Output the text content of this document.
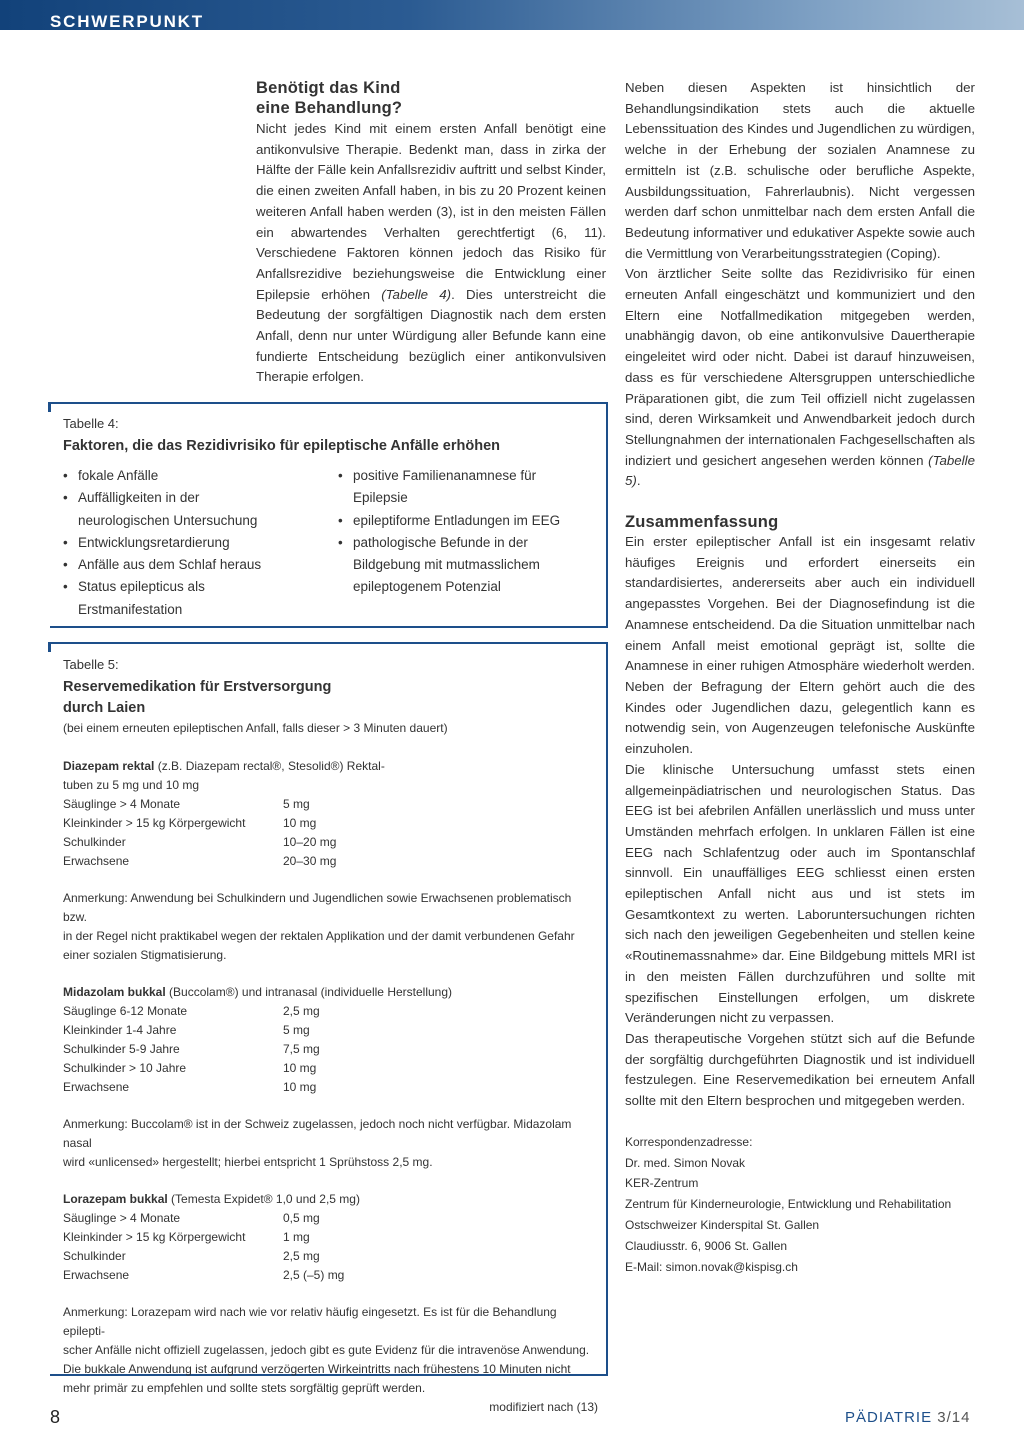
SCHWERPUNKT
Benötigt das Kind
eine Behandlung?

Nicht jedes Kind mit einem ersten Anfall benötigt eine antikonvulsive Therapie. Bedenkt man, dass in zirka der Hälfte der Fälle kein Anfallsrezidiv auftritt und selbst Kinder, die einen zweiten Anfall haben, in bis zu 20 Prozent keinen weiteren Anfall haben werden (3), ist in den meisten Fällen ein abwartendes Verhalten gerechtfertigt (6, 11). Verschiedene Faktoren können jedoch das Risiko für Anfallsrezidive beziehungsweise die Entwicklung einer Epilepsie erhöhen (Tabelle 4). Dies unterstreicht die Bedeutung der sorgfältigen Diagnostik nach dem ersten Anfall, denn nur unter Würdigung aller Befunde kann eine fundierte Entscheidung bezüglich einer antikonvulsiven Therapie erfolgen.

Tabelle 4:
Faktoren, die das Rezidivrisiko für epileptische Anfälle erhöhen
• fokale Anfälle
• Auffälligkeiten in der neurologischen Untersuchung
• Entwicklungsretardierung
• Anfälle aus dem Schlaf heraus
• Status epilepticus als Erstmanifestation
• positive Familienanamnese für Epilepsie
• epileptiforme Entladungen im EEG
• pathologische Befunde in der Bildgebung mit mutmasslichem epileptogenem Potenzial
Tabelle 5:
Reservemedikation für Erstversorgung
durch Laien
(bei einem erneuten epileptischen Anfall, falls dieser > 3 Minuten dauert)
Diazepam rektal (z.B. Diazepam rectal®, Stesolid®) Rektal-
tuben zu 5 mg und 10 mg
Säuglinge > 4 Monate	5 mg
Kleinkinder > 15 kg Körpergewicht	10 mg
Schulkinder	10–20 mg
Erwachsene	20–30 mg
Anmerkung: Anwendung bei Schulkindern und Jugendlichen sowie Erwachsenen problematisch bzw.
in der Regel nicht praktikabel wegen der rektalen Applikation und der damit verbundenen Gefahr
einer sozialen Stigmatisierung.
Midazolam bukkal (Buccolam®) und intranasal (individuelle Herstellung)
Säuglinge 6-12 Monate	2,5 mg
Kleinkinder 1-4 Jahre	5 mg
Schulkinder 5-9 Jahre	7,5 mg
Schulkinder > 10 Jahre	10 mg
Erwachsene	10 mg
Anmerkung: Buccolam® ist in der Schweiz zugelassen, jedoch noch nicht verfügbar. Midazolam nasal
wird «unlicensed» hergestellt; hierbei entspricht 1 Sprühstoss 2,5 mg.
Lorazepam bukkal (Temesta Expidet® 1,0 und 2,5 mg)
Säuglinge > 4 Monate	0,5 mg
Kleinkinder > 15 kg Körpergewicht	1 mg
Schulkinder	2,5 mg
Erwachsene	2,5 (–5) mg
Anmerkung: Lorazepam wird nach wie vor relativ häufig eingesetzt. Es ist für die Behandlung epilepti-
scher Anfälle nicht offiziell zugelassen, jedoch gibt es gute Evidenz für die intravenöse Anwendung.
Die bukkale Anwendung ist aufgrund verzögerten Wirkeintritts nach frühestens 10 Minuten nicht
mehr primär zu empfehlen und sollte stets sorgfältig geprüft werden.
modifiziert nach (13)

Neben diesen Aspekten ist hinsichtlich der Behandlungsindikation stets auch die aktuelle Lebenssituation des Kindes und Jugendlichen zu würdigen, welche in der Erhebung der sozialen Anamnese zu ermitteln ist (z.B. schulische oder berufliche Aspekte, Ausbildungssituation, Fahrerlaubnis). Nicht vergessen werden darf schon unmittelbar nach dem ersten Anfall die Bedeutung informativer und edukativer Aspekte sowie auch die Vermittlung von Verarbeitungsstrategien (Coping).

Von ärztlicher Seite sollte das Rezidivrisiko für einen erneuten Anfall eingeschätzt und kommuniziert und den Eltern eine Notfallmedikation mitgegeben werden, unabhängig davon, ob eine antikonvulsive Dauertherapie eingeleitet wird oder nicht. Dabei ist darauf hinzuweisen, dass es für verschiedene Altersgruppen unterschiedliche Präparationen gibt, die zum Teil offiziell nicht zugelassen sind, deren Wirksamkeit und Anwendbarkeit jedoch durch Stellungnahmen der internationalen Fachgesellschaften als indiziert und gesichert angesehen werden können (Tabelle 5).

Zusammenfassung

Ein erster epileptischer Anfall ist ein insgesamt relativ häufiges Ereignis und erfordert einerseits ein standardisiertes, andererseits aber auch ein individuell angepasstes Vorgehen. Bei der Diagnosefindung ist die Anamnese entscheidend. Da die Situation unmittelbar nach einem Anfall meist emotional geprägt ist, sollte die Anamnese in einer ruhigen Atmosphäre wiederholt werden. Neben der Befragung der Eltern gehört auch die des Kindes oder Jugendlichen dazu, gelegentlich kann es notwendig sein, von Augenzeugen telefonische Auskünfte einzuholen.

Die klinische Untersuchung umfasst stets einen allgemeinpädiatrischen und neurologischen Status. Das EEG ist bei afebrilen Anfällen unerlässlich und muss unter Umständen mehrfach erfolgen. In unklaren Fällen ist eine EEG nach Schlafentzug oder auch im Spontanschlaf sinnvoll. Ein unauffälliges EEG schliesst einen ersten epileptischen Anfall nicht aus und ist stets im Gesamtkontext zu werten. Laboruntersuchungen richten sich nach den jeweiligen Gegebenheiten und stellen keine «Routinemassnahme» dar. Eine Bildgebung mittels MRI ist in den meisten Fällen durchzuführen und sollte mit spezifischen Einstellungen erfolgen, um diskrete Veränderungen nicht zu verpassen.

Das therapeutische Vorgehen stützt sich auf die Befunde der sorgfältig durchgeführten Diagnostik und ist individuell festzulegen. Eine Reservemedikation bei erneutem Anfall sollte mit den Eltern besprochen und mitgegeben werden.

Korrespondenzadresse:
Dr. med. Simon Novak
KER-Zentrum
Zentrum für Kinderneurologie, Entwicklung und Rehabilitation
Ostschweizer Kinderspital St. Gallen
Claudiusstr. 6, 9006 St. Gallen
E-Mail: simon.novak@kispisg.ch
8	PÄDIATRIE 3/14
